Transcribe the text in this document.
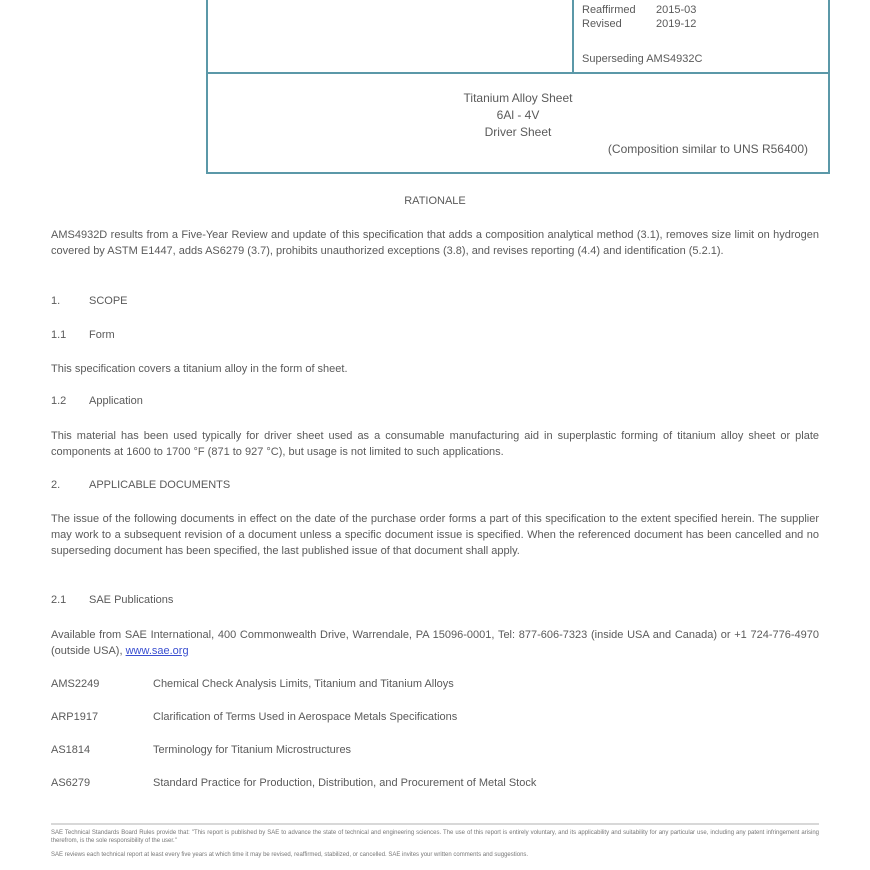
Reaffirmed 2015-03
Revised	2019-12
Superseding AMS4932C
Titanium Alloy Sheet
6Al - 4V
Driver Sheet
(Composition similar to UNS R56400)
RATIONALE
AMS4932D results from a Five-Year Review and update of this specification that adds a composition analytical method (3.1), removes size limit on hydrogen covered by ASTM E1447, adds AS6279 (3.7), prohibits unauthorized exceptions (3.8), and revises reporting (4.4) and identification (5.2.1).
1.	SCOPE
1.1 Form
This specification covers a titanium alloy in the form of sheet.
1.2 Application
This material has been used typically for driver sheet used as a consumable manufacturing aid in superplastic forming of titanium alloy sheet or plate components at 1600 to 1700 °F (871 to 927 °C), but usage is not limited to such applications.
2.	APPLICABLE DOCUMENTS
The issue of the following documents in effect on the date of the purchase order forms a part of this specification to the extent specified herein. The supplier may work to a subsequent revision of a document unless a specific document issue is specified. When the referenced document has been cancelled and no superseding document has been specified, the last published issue of that document shall apply.
2.1 SAE Publications
Available from SAE International, 400 Commonwealth Drive, Warrendale, PA 15096-0001, Tel: 877-606-7323 (inside USA and Canada) or +1 724-776-4970 (outside USA), www.sae.org
AMS2249	Chemical Check Analysis Limits, Titanium and Titanium Alloys
ARP1917	Clarification of Terms Used in Aerospace Metals Specifications
AS1814	Terminology for Titanium Microstructures
AS6279	Standard Practice for Production, Distribution, and Procurement of Metal Stock
SAE Technical Standards Board Rules provide that: "This report is published by SAE to advance the state of technical and engineering sciences. The use of this report is entirely voluntary, and its applicability and suitability for any particular use, including any patent infringement arising therefrom, is the sole responsibility of the user."
SAE reviews each technical report at least every five years at which time it may be revised, reaffirmed, stabilized, or cancelled. SAE invites your written comments and suggestions.
